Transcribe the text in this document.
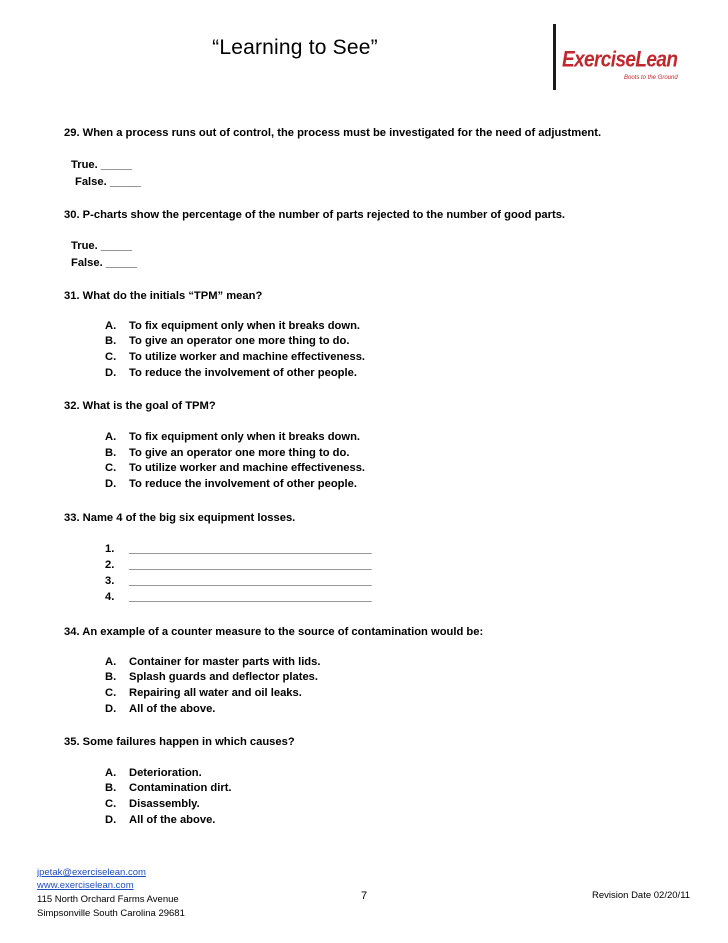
“Learning to See”
ExerciseLean
Boots to the Ground
29. When a process runs out of control, the process must be investigated for the need of adjustment.
True. _____
False. _____
30. P-charts show the percentage of the number of parts rejected to the number of good parts.
True. _____
False. _____
31. What do the initials “TPM” mean?
A. To fix equipment only when it breaks down.
B. To give an operator one more thing to do.
C. To utilize worker and machine effectiveness.
D. To reduce the involvement of other people.
32. What is the goal of TPM?
A. To fix equipment only when it breaks down.
B. To give an operator one more thing to do.
C. To utilize worker and machine effectiveness.
D. To reduce the involvement of other people.
33. Name 4 of the big six equipment losses.
1. _______________________________________
2. _______________________________________
3. _______________________________________
4. _______________________________________
34. An example of a counter measure to the source of contamination would be:
A. Container for master parts with lids.
B. Splash guards and deflector plates.
C. Repairing all water and oil leaks.
D. All of the above.
35. Some failures happen in which causes?
A. Deterioration.
B. Contamination dirt.
C. Disassembly.
D. All of the above.
jpetak@exerciselean.com
www.exerciselean.com
115 North Orchard Farms Avenue
Simpsonville South Carolina 29681
7	Revision Date 02/20/11
